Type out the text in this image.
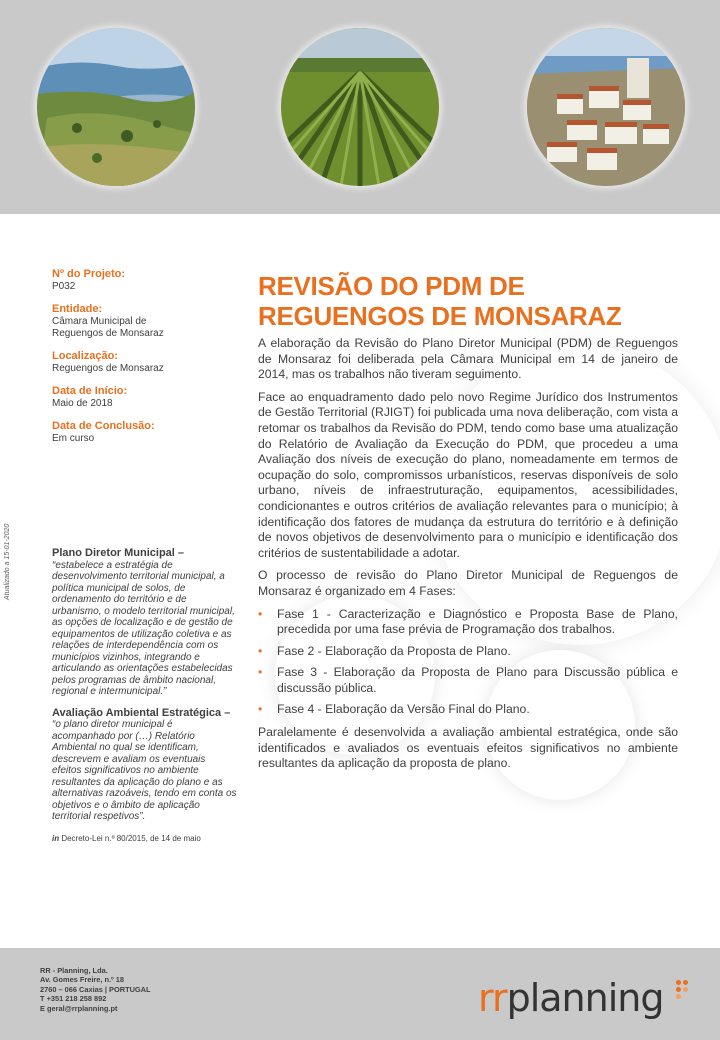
Atualizado a 15-01-2020
Nº do Projeto:
P032
Entidade:
Câmara Municipal de Reguengos de Monsaraz
Localização:
Reguengos de Monsaraz
Data de Início:
Maio de 2018
Data de Conclusão:
Em curso
Plano Diretor Municipal –
“estabelece a estratégia de desenvolvimento territorial municipal, a política municipal de solos, de ordenamento do território e de urbanismo, o modelo territorial municipal, as opções de localização e de gestão de equipamentos de utilização coletiva e as relações de interdependência com os municípios vizinhos, integrando e articulando as orientações estabelecidas pelos programas de âmbito nacional, regional e intermunicipal.”
Avaliação Ambiental Estratégica –
“o plano diretor municipal é acompanhado por (…) Relatório Ambiental no qual se identificam, descrevem e avaliam os eventuais efeitos significativos no ambiente resultantes da aplicação do plano e as alternativas razoáveis, tendo em conta os objetivos e o âmbito de aplicação territorial respetivos”.
in Decreto-Lei n.º 80/2015, de 14 de maio
REVISÃO DO PDM DE
REGUENGOS DE MONSARAZ

A elaboração da Revisão do Plano Diretor Municipal (PDM) de Reguengos de Monsaraz foi deliberada pela Câmara Municipal em 14 de janeiro de 2014, mas os trabalhos não tiveram seguimento.

Face ao enquadramento dado pelo novo Regime Jurídico dos Instrumentos de Gestão Territorial (RJIGT) foi publicada uma nova deliberação, com vista a retomar os trabalhos da Revisão do PDM, tendo como base uma atualização do Relatório de Avaliação da Execução do PDM, que procedeu a uma Avaliação dos níveis de execução do plano, nomeadamente em termos de ocupação do solo, compromissos urbanísticos, reservas disponíveis de solo urbano, níveis de infraestruturação, equipamentos, acessibilidades, condicionantes e outros critérios de avaliação relevantes para o município; à identificação dos fatores de mudança da estrutura do território e à definição de novos objetivos de desenvolvimento para o município e identificação dos critérios de sustentabilidade a adotar.

O processo de revisão do Plano Diretor Municipal de Reguengos de Monsaraz é organizado em 4 Fases:

• Fase 1 - Caracterização e Diagnóstico e Proposta Base de Plano, precedida por uma fase prévia de Programação dos trabalhos.
• Fase 2 - Elaboração da Proposta de Plano.
• Fase 3 - Elaboração da Proposta de Plano para Discussão pública e discussão pública.
• Fase 4 - Elaboração da Versão Final do Plano.

Paralelamente é desenvolvida a avaliação ambiental estratégica, onde são identificados e avaliados os eventuais efeitos significativos no ambiente resultantes da aplicação da proposta de plano.

RR - Planning, Lda.
Av. Gomes Freire, n.º 18
2760 – 066 Caxias | PORTUGAL
T +351 218 258 892
E geral@rrplanning.pt	rrplanning
